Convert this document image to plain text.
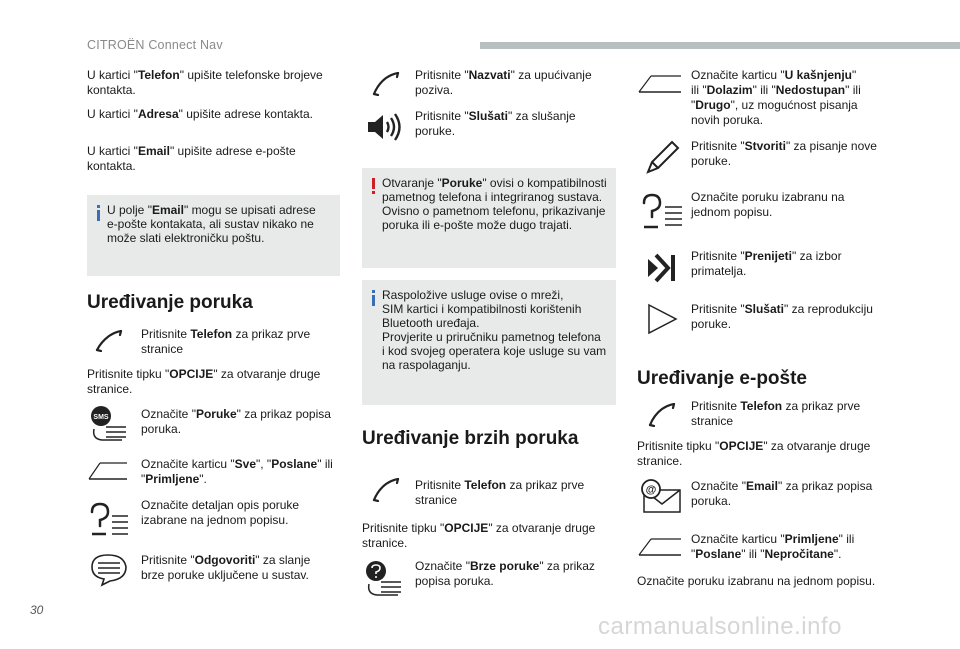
CITROËN Connect Nav
U kartici "Telefon" upišite telefonske brojeve
kontakta.
U kartici "Adresa" upišite adrese kontakta.
U kartici "Email" upišite adrese e-pošte
kontakta.
U polje "Email" mogu se upisati adrese
e-pošte kontakata, ali sustav nikako ne
može slati elektroničku poštu.
Uređivanje poruka
Pritisnite Telefon za prikaz prve
stranice
Pritisnite tipku "OPCIJE" za otvaranje druge
stranice.
SMS	Označite "Poruke" za prikaz popisa
poruka.
Označite karticu "Sve", "Poslane" ili
"Primljene".
Označite detaljan opis poruke
izabrane na jednom popisu.
Pritisnite "Odgovoriti" za slanje
brze poruke uključene u sustav.
Pritisnite "Nazvati" za upućivanje
poziva.
Pritisnite "Slušati" za slušanje
poruke.
Otvaranje "Poruke" ovisi o kompatibilnosti
pametnog telefona i integriranog sustava.
Ovisno o pametnom telefonu, prikazivanje
poruka ili e-pošte može dugo trajati.
Raspoložive usluge ovise o mreži,
SIM kartici i kompatibilnosti korištenih
Bluetooth uređaja.
Provjerite u priručniku pametnog telefona
i kod svojeg operatera koje usluge su vam
na raspolaganju.
Uređivanje brzih poruka
Pritisnite Telefon za prikaz prve
stranice
Pritisnite tipku "OPCIJE" za otvaranje druge
stranice.
Označite "Brze poruke" za prikaz
popisa poruka.
Označite karticu "U kašnjenju"
ili "Dolazim" ili "Nedostupan" ili
"Drugo", uz mogućnost pisanja
novih poruka.
Pritisnite "Stvoriti" za pisanje nove
poruke.
Označite poruku izabranu na
jednom popisu.
Pritisnite "Prenijeti" za izbor
primatelja.
Pritisnite "Slušati" za reprodukciju
poruke.
Uređivanje e-pošte
Pritisnite Telefon za prikaz prve
stranice
Pritisnite tipku "OPCIJE" za otvaranje druge
stranice.
@	Označite "Email" za prikaz popisa
poruka.
Označite karticu "Primljene" ili
"Poslane" ili "Nepročitane".
Označite poruku izabranu na jednom popisu.
30
carmanualsonline.info
